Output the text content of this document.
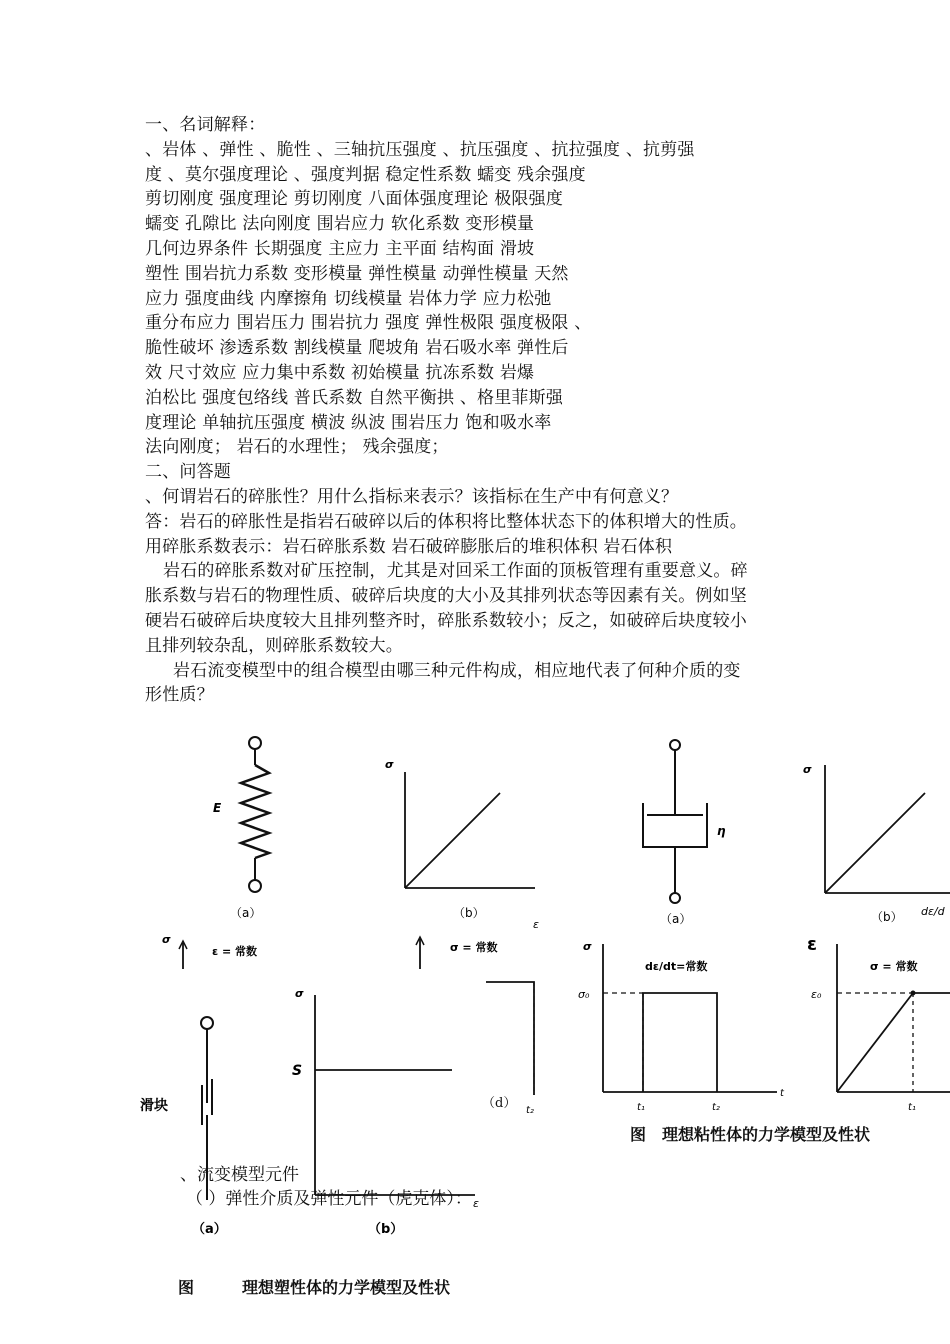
一、名词解释：
、岩体 、弹性 、脆性 、三轴抗压强度 、抗压强度 、抗拉强度 、抗剪强
度 、莫尔强度理论 、强度判据 稳定性系数 蠕变 残余强度
剪切刚度 强度理论 剪切刚度 八面体强度理论 极限强度
蠕变 孔隙比 法向刚度 围岩应力 软化系数 变形模量
几何边界条件 长期强度 主应力 主平面 结构面 滑坡
塑性 围岩抗力系数 变形模量 弹性模量 动弹性模量 天然
应力 强度曲线 内摩擦角 切线模量 岩体力学 应力松弛
重分布应力 围岩压力 围岩抗力 强度 弹性极限 强度极限 、
脆性破坏 渗透系数 割线模量 爬坡角 岩石吸水率 弹性后
效 尺寸效应 应力集中系数 初始模量 抗冻系数 岩爆
泊松比 强度包络线 普氏系数 自然平衡拱 、格里菲斯强
度理论 单轴抗压强度 横波 纵波 围岩压力 饱和吸水率
法向刚度； 岩石的水理性； 残余强度；
二、问答题
、何谓岩石的碎胀性？用什么指标来表示？该指标在生产中有何意义？
答：岩石的碎胀性是指岩石破碎以后的体积将比整体状态下的体积增大的性质。
用碎胀系数表示：岩石碎胀系数 岩石破碎膨胀后的堆积体积 岩石体积
岩石的碎胀系数对矿压控制，尤其是对回采工作面的顶板管理有重要意义。碎
胀系数与岩石的物理性质、破碎后块度的大小及其排列状态等因素有关。例如坚
硬岩石破碎后块度较大且排列整齐时，碎胀系数较小；反之，如破碎后块度较小
且排列较杂乱，则碎胀系数较大。
岩石流变模型中的组合模型由哪三种元件构成，相应地代表了何种介质的变
形性质？
E
（a）
σ
ε
（b）
η
（a）
σ
（b） dε/d
σ
dε/dt=常数
σ₀
t₁	t₂
t
ε
σ = 常数
ε₀
t₁
图　理想粘性体的力学模型及性状
σ
ε = 常数	σ = 常数
t₂
（d）
滑块
σ
S
ε
（a）	（b）
图　　　理想塑性体的力学模型及性状
、流变模型元件
（ ）弹性介质及弹性元件（虎克体）：
